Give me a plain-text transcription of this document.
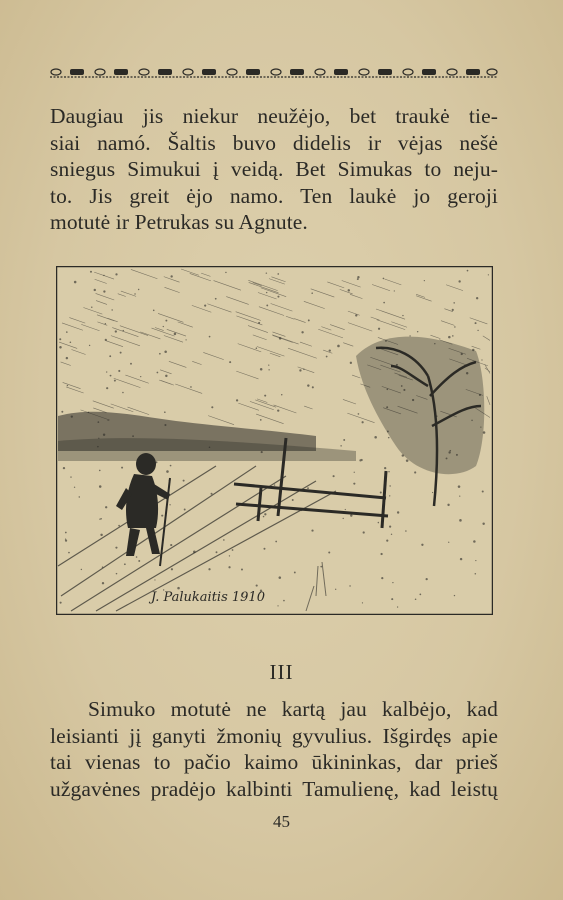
Daugiau jis niekur neužėjo, bet traukė tie-
siai namó. Šaltis buvo didelis ir vėjas nešė
sniegus Simukui į veidą. Bet Simukas to neju-
to. Jis greit ėjo namo. Ten laukė jo geroji
motutė ir Petrukas su Agnute.
J. Palukaitis 1910
III
Simuko motutė ne kartą jau kalbėjo, kad
leisianti jį ganyti žmonių gyvulius. Išgirdęs apie
tai vienas to pačio kaimo ūkininkas, dar prieš
užgavėnes pradėjo kalbinti Tamulienę, kad leistų
45
